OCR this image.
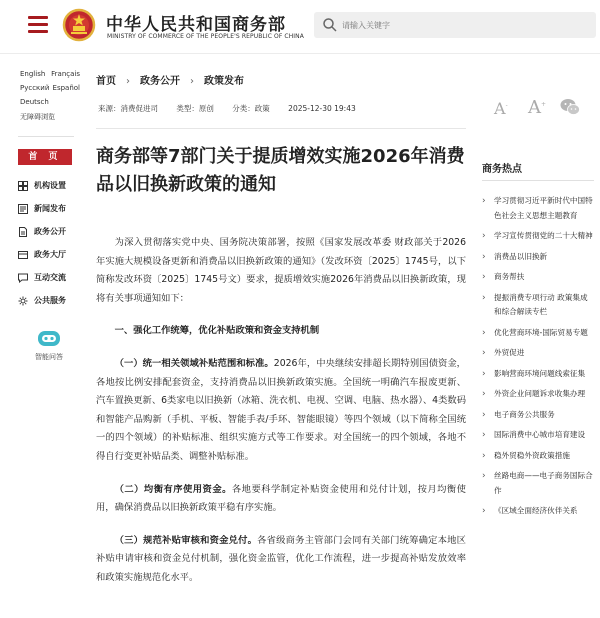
中华人民共和国商务部
MINISTRY OF COMMERCE OF THE PEOPLE'S REPUBLIC OF CHINA
请输入关键字
English Français
Русский Español
Deutsch
无障碍浏览
首 页
机构设置
新闻发布
政务公开
政务大厅
互动交流
公共服务
智能问答
首页 › 政务公开 › 政策发布
来源：消费促进司 类型：原创 分类：政策 2025-12-30 19:43	A- A+
商务部等7部门关于提质增效实施2026年消费品以旧换新政策的通知

为深入贯彻落实党中央、国务院决策部署，按照《国家发展改革委 财政部关于2026年实施大规模设备更新和消费品以旧换新政策的通知》（发改环资〔2025〕1745号，以下简称发改环资〔2025〕1745号文）要求，提质增效实施2026年消费品以旧换新政策，现将有关事项通知如下：

一、强化工作统筹，优化补贴政策和资金支持机制

（一）统一相关领域补贴范围和标准。2026年，中央继续安排超长期特别国债资金，各地按比例安排配套资金，支持消费品以旧换新政策实施。全国统一明确汽车报废更新、汽车置换更新、6类家电以旧换新（冰箱、洗衣机、电视、空调、电脑、热水器）、4类数码和智能产品购新（手机、平板、智能手表/手环、智能眼镜）等四个领域（以下简称全国统一的四个领域）的补贴标准、组织实施方式等工作要求。对全国统一的四个领域，各地不得自行变更补贴品类、调整补贴标准。

（二）均衡有序使用资金。各地要科学制定补贴资金使用和兑付计划，按月均衡使用，确保消费品以旧换新政策平稳有序实施。

（三）规范补贴审核和资金兑付。各省级商务主管部门会同有关部门统筹确定本地区补贴申请审核和资金兑付机制，强化资金监管，优化工作流程，进一步提高补贴发放效率和政策实施规范化水平。

商务热点
› 学习贯彻习近平新时代中国特色社会主义思想主题教育
› 学习宣传贯彻党的二十大精神
› 消费品以旧换新
› 商务帮扶
› 提振消费专项行动 政策集成和综合解读专栏
› 优化营商环境-国际贸易专题
› 外贸促进
› 影响营商环境问题线索征集
› 外资企业问题诉求收集办理
› 电子商务公共服务
› 国际消费中心城市培育建设
› 稳外贸稳外资政策措施
› 丝路电商——电子商务国际合作
› 《区域全面经济伙伴关系
